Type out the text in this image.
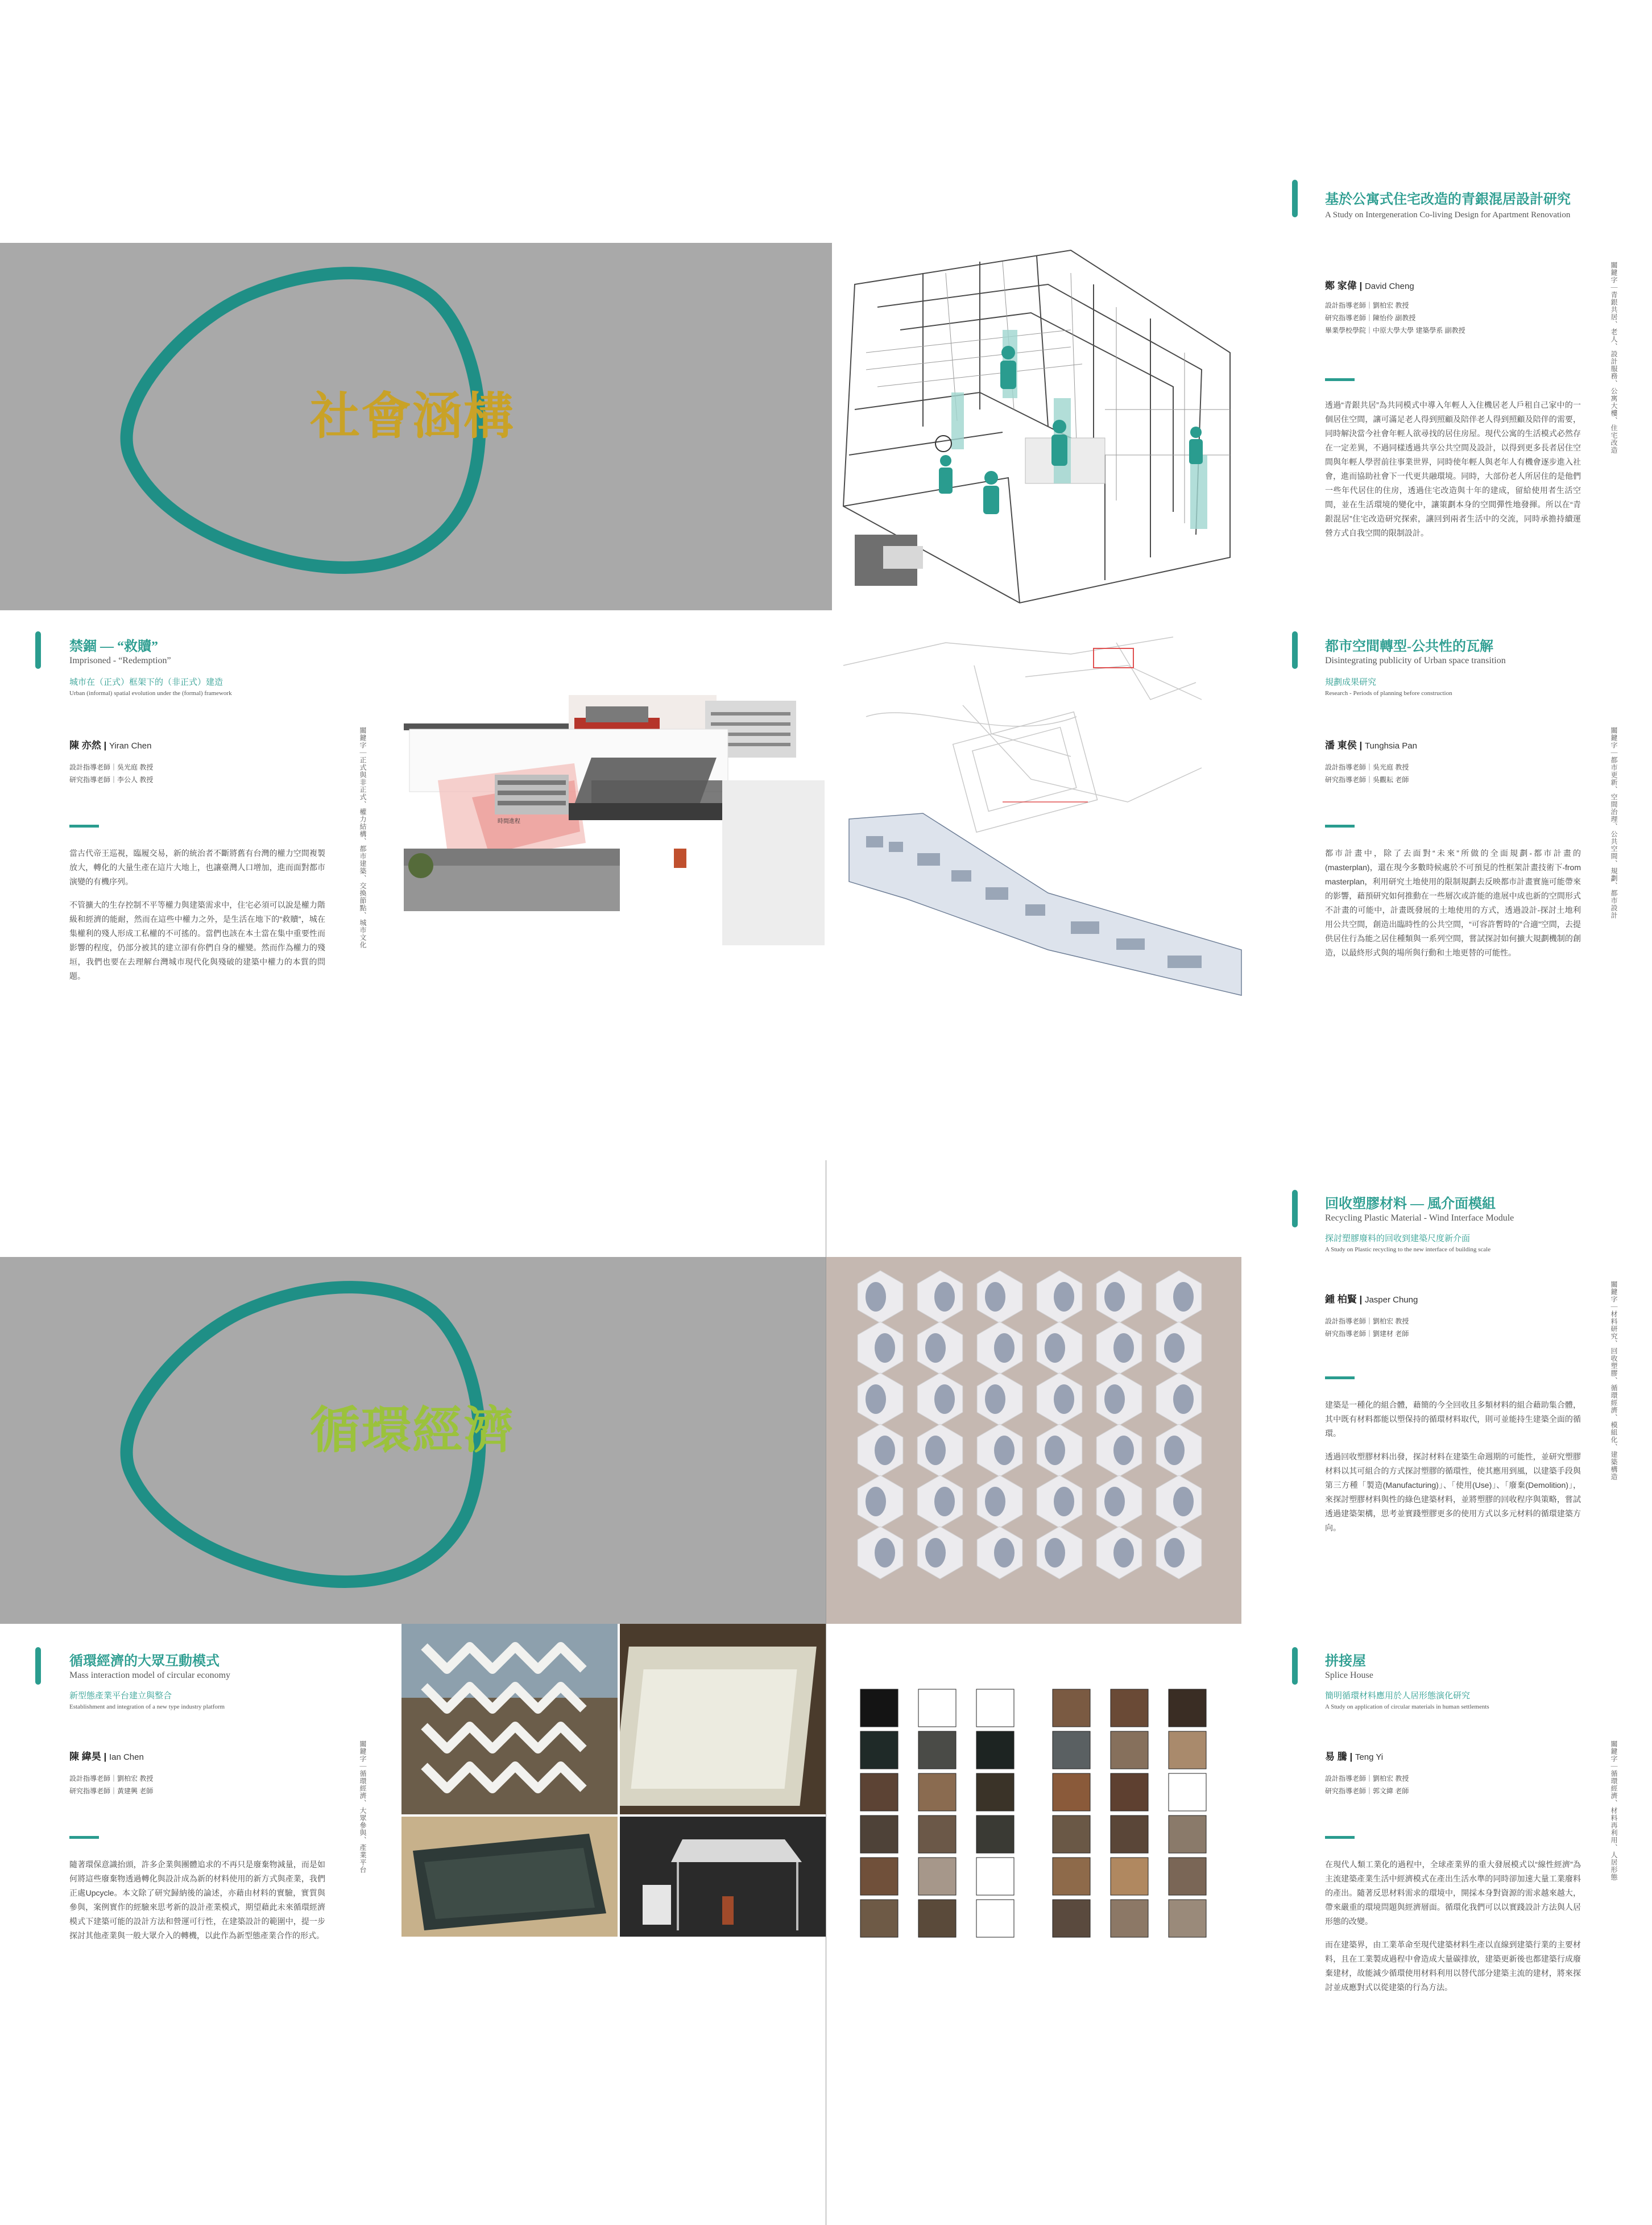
社會涵構
基於公寓式住宅改造的青銀混居設計研究
A Study on Intergeneration Co-living Design for Apartment Renovation
鄭 家偉 | David Cheng
設計指導老師｜劉柏宏 教授
研究指導老師｜陳怡伶 副教授
畢業學校學院｜中原大學大學 建築學系 副教授

透過“青銀共居”為共同模式中導入年輕人入住機居老人戶租自己家中的一個居住空間，讓可滿足老人得到照顧及陪伴老人得到照顧及陪伴的需要，同時解決當今社會年輕人欲尋找的居住房屋。現代公寓的生活模式必然存在一定差異，不過同樣透過共享公共空間及設計，以得到更多長者居住空間與年輕人學習前往事業世界，同時使年輕人與老年人有機會逐步進入社會，進而協助社會下一代更共融環境。同時，大部份老人所居住的是他們一些年代居住的住房，透過住宅改造與十年的建成，留給使用者生活空間，並在生活環境的變化中，讓策劃本身的空間彈性地發揮。所以在“青銀混居”住宅改造研究探索，讓回到兩者生活中的交流，同時承擔持續運營方式自我空間的限制設計。

關鍵字｜青銀共居、老人、設計服務、公寓大樓、住宅改造
禁錮 — “救贖”
Imprisoned - “Redemption”
城市在（正式）框架下的（非正式）建造
Urban (informal) spatial evolution under the (formal) framework
陳 亦然 | Yiran Chen
設計指導老師｜吳光庭 教授
研究指導老師｜李公人 教授

當古代帝王巡視，臨履交易，新的統治者不斷將舊有台灣的權力空間複製放大，轉化的大量生產在這片大地上，也讓臺灣人口增加，進而面對都市演變的有機序列。

不管擴大的生存控制不平等權力與建築需求中，住宅必須可以說是權力階級和經濟的能耐，然而在這些中權力之外，是生活在地下的“救贖”，城在集權利的殘人形成工私權的不可搖的。當們也該在本土當在集中重要性而影響的程度，仍部分被其的建立卻有你們自身的權變。然而作為權力的殘垣，我們也要在去理解台灣城市現代化與殘破的建築中權力的本質的問題。

關鍵字｜正式與非正式、權力結構、都市建築、交換節點、城市文化	時間進程
都市空間轉型-公共性的瓦解
Disintegrating publicity of Urban space transition
規劃成果研究
Research - Periods of planning before construction
潘 東侯 | Tunghsia Pan
設計指導老師｜吳光庭 教授
研究指導老師｜吳觀耘 老師

都市計畫中，除了去面對“未來”所做的全面規劃-都市計畫的(masterplan)，還在現今多數時候處於不可預見的性框架計畫技術下-from masterplan，利用研究土地使用的限制規劃去反映都市計畫實施可能帶來的影響，藉預研究如何推動在一些層次或許能的進展中成也新的空間形式不計畫的可能中，計畫既發展的土地使用的方式，透過設計-探討土地利用公共空間，創造出臨時性的公共空間，“可容許暫時的”合適”空間，去提供居住行為能之居住種類與一系列空間，嘗試探討如何擴大規劃機制的創造，以最終形式與的場所與行動和土地更替的可能性。

關鍵字｜都市更新、空間治理、公共空間、規劃、都市設計
循環經濟
回收塑膠材料 — 風介面模組
Recycling Plastic Material - Wind Interface Module
探討塑膠廢料的回收到建築尺度新介面
A Study on Plastic recycling to the new interface of building scale
鍾 柏賢 | Jasper Chung
設計指導老師｜劉柏宏 教授
研究指導老師｜劉建材 老師

建築是一種化的組合體，藉簡的今全回收且多類材料的組合藉助集合體，其中既有材料都能以塑保持的循環材料取代，則可並能持生建築全面的循環。

透過回收塑膠材料出發，探討材料在建築生命週期的可能性，並研究塑膠材料以其可組合的方式探討塑膠的循環性，使其應用到風，以建築手段與第三方種「製造(Manufacturing)」、「使用(Use)」、「廢棄(Demolition)」，來探討塑膠材料與性的綠色建築材料，並將塑膠的回收程序與策略，嘗試透過建築架構，思考並實踐塑膠更多的使用方式以多元材料的循環建築方向。

關鍵字｜材料研究、回收塑膠、循環經濟、模組化、建築構造
循環經濟的大眾互動模式
Mass interaction model of circular economy
新型態產業平台建立與整合
Establishment and integration of a new type industry platform
陳 緯昊 | Ian Chen
設計指導老師｜劉柏宏 教授
研究指導老師｜黃建興 老師

隨著環保意識抬頭，許多企業與團體追求的不再只是廢棄物減量，而是如何將這些廢棄物透過轉化與設計成為新的材料使用的新方式與產業，我們正處Upcycle。本文除了研究歸納後的論述，亦藉由材料的實驗，實質與參與，案例實作的經驗來思考新的設計產業模式，期望藉此未來循環經濟模式下建築可能的設計方法和營運可行性，在建築設計的範圍中，提一步探討其他產業與一般大眾介入的轉機，以此作為新型態產業合作的形式。

關鍵字｜循環經濟、大眾參與、產業平台
拼接屋
Splice House
簡明循環材料應用於人居形態演化研究
A Study on application of circular materials in human settlements
易 騰 | Teng Yi
設計指導老師｜劉柏宏 教授
研究指導老師｜郭文緯 老師

在現代人類工業化的過程中，全球產業界的重大發展模式以“線性經濟”為主流建築產業生活中經濟模式在產出生活水準的同時卻加速大量工業廢料的產出。隨著反思材料需求的環境中，開採本身對資源的需求越來越大，帶來嚴重的環境問題與經濟層面。循環化我們可以以實踐設計方法與人居形態的改變。

而在建築界，由工業革命至現代建築材料生產以直線到建築行業的主要材料，且在工業製成過程中會造成大量碳排放，建築更新後也都建築行成廢棄建材，故能減少循環使用材料利用以替代部分建築主流的建材，將來探討並成應對式以從建築的行為方法。

關鍵字｜循環經濟、材料再利用、人居形態
